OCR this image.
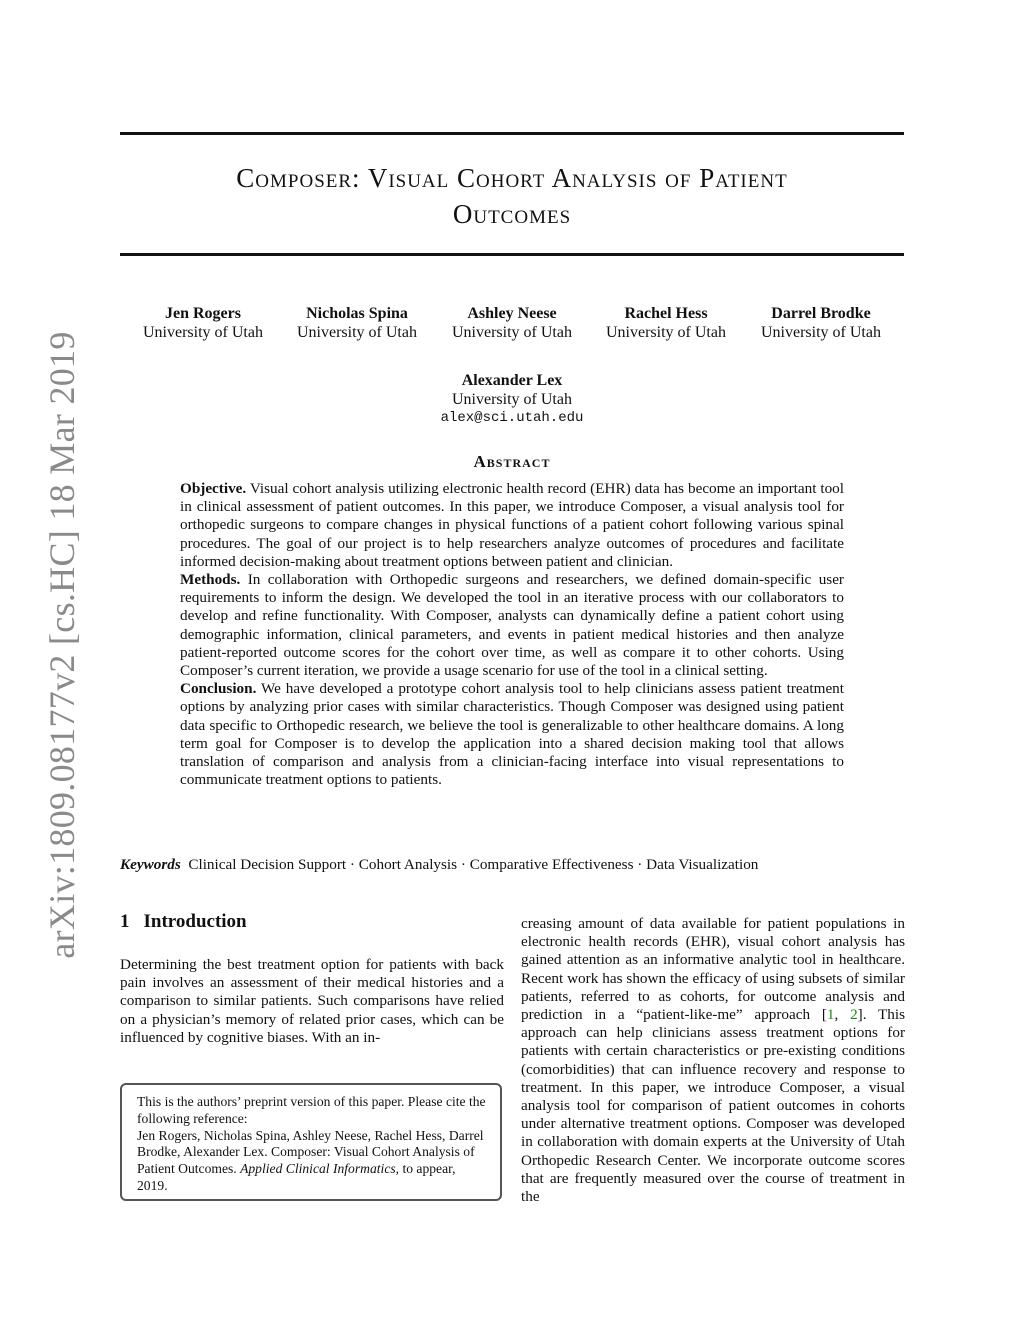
arXiv:1809.08177v2 [cs.HC] 18 Mar 2019
Composer: Visual Cohort Analysis of Patient
Outcomes
Jen Rogers
University of Utah
Nicholas Spina
University of Utah
Ashley Neese
University of Utah
Rachel Hess
University of Utah
Darrel Brodke
University of Utah
Alexander Lex
University of Utah
alex@sci.utah.edu
Abstract

Objective. Visual cohort analysis utilizing electronic health record (EHR) data has become an important tool in clinical assessment of patient outcomes. In this paper, we introduce Composer, a visual analysis tool for orthopedic surgeons to compare changes in physical functions of a patient cohort following various spinal procedures. The goal of our project is to help researchers analyze outcomes of procedures and facilitate informed decision-making about treatment options between patient and clinician.

Methods. In collaboration with Orthopedic surgeons and researchers, we defined domain-specific user requirements to inform the design. We developed the tool in an iterative process with our collaborators to develop and refine functionality. With Composer, analysts can dynamically define a patient cohort using demographic information, clinical parameters, and events in patient medical histories and then analyze patient-reported outcome scores for the cohort over time, as well as compare it to other cohorts. Using Composer’s current iteration, we provide a usage scenario for use of the tool in a clinical setting.

Conclusion. We have developed a prototype cohort analysis tool to help clinicians assess patient treatment options by analyzing prior cases with similar characteristics. Though Composer was designed using patient data specific to Orthopedic research, we believe the tool is generalizable to other healthcare domains. A long term goal for Composer is to develop the application into a shared decision making tool that allows translation of comparison and analysis from a clinician-facing interface into visual representations to communicate treatment options to patients.

Keywords Clinical Decision Support · Cohort Analysis · Comparative Effectiveness · Data Visualization
1 Introduction

Determining the best treatment option for patients with back pain involves an assessment of their medical histories and a comparison to similar patients. Such comparisons have relied on a physician’s memory of related prior cases, which can be influenced by cognitive biases. With an in-

creasing amount of data available for patient populations in electronic health records (EHR), visual cohort analysis has gained attention as an informative analytic tool in healthcare. Recent work has shown the efficacy of using subsets of similar patients, referred to as cohorts, for outcome analysis and prediction in a “patient-like-me” approach [1, 2]. This approach can help clinicians assess treatment options for patients with certain characteristics or pre-existing conditions (comorbidities) that can influence recovery and response to treatment. In this paper, we introduce Composer, a visual analysis tool for comparison of patient outcomes in cohorts under alternative treatment options. Composer was developed in collaboration with domain experts at the University of Utah Orthopedic Research Center. We incorporate outcome scores that are frequently measured over the course of treatment in the

This is the authors’ preprint version of this paper. Please cite the following reference:

Jen Rogers, Nicholas Spina, Ashley Neese, Rachel Hess, Darrel Brodke, Alexander Lex. Composer: Visual Cohort Analysis of Patient Outcomes. Applied Clinical Informatics, to appear, 2019.
